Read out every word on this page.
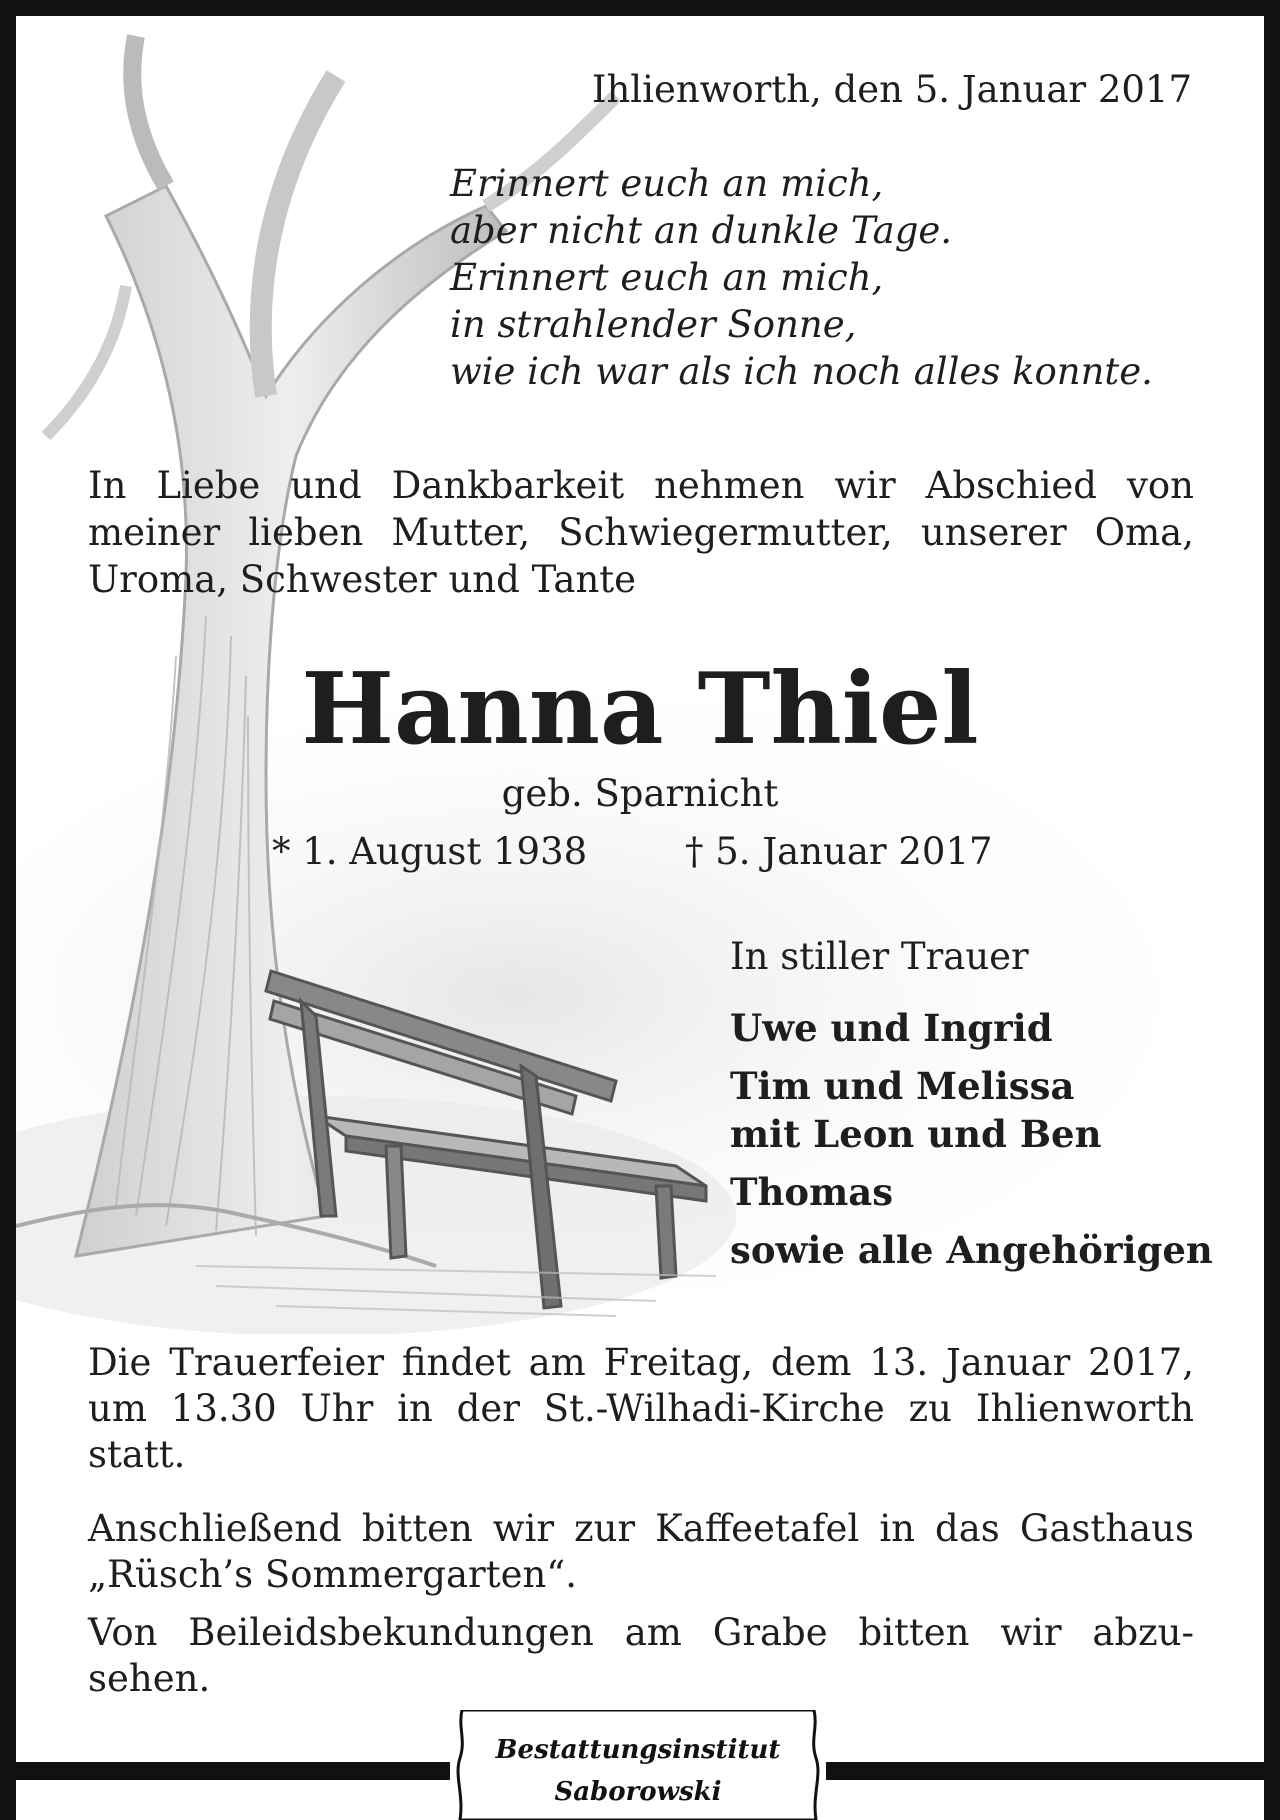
Ihlienworth, den 5. Januar 2017

Erinnert euch an mich,
aber nicht an dunkle Tage.
Erinnert euch an mich,
in strahlender Sonne,
wie ich war als ich noch alles konnte.
In Liebe und Dankbarkeit nehmen wir Abschied von
meiner lieben Mutter, Schwiegermutter, unserer Oma,
Uroma, Schwester und Tante
Hanna Thiel
geb. Sparnicht
* 1. August 1938	† 5. Januar 2017
In stiller Trauer
Uwe und Ingrid
Tim und Melissa
mit Leon und Ben
Thomas
sowie alle Angehörigen
Die Trauerfeier findet am Freitag, dem 13. Januar 2017,
um 13.30 Uhr in der St.-Wilhadi-Kirche zu Ihlienworth
statt.
Anschließend bitten wir zur Kaffeetafel in das Gasthaus
„Rüsch’s Sommergarten“.
Von Beileidsbekundungen am Grabe bitten wir abzu-
sehen.
Bestattungsinstitut
Saborowski
